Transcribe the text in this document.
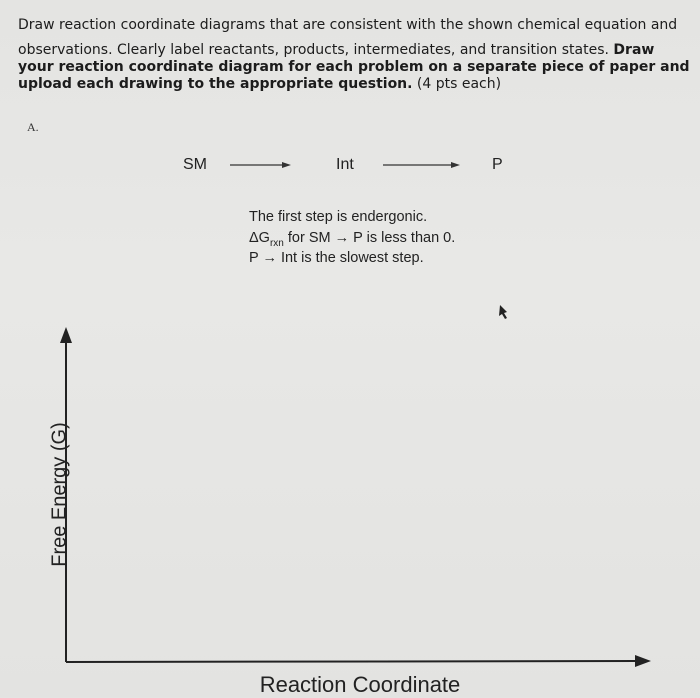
Draw reaction coordinate diagrams that are consistent with the shown chemical equation and
observations. Clearly label reactants, products, intermediates, and transition states. Draw your reaction coordinate diagram for each problem on a separate piece of paper and upload each drawing to the appropriate question. (4 pts each)
A.
SM	Int	P
The first step is endergonic.
$\Delta G_{rxn}$ for SM → P is less than 0.
P → Int is the slowest step.
Free Energy (G)
Reaction Coordinate
